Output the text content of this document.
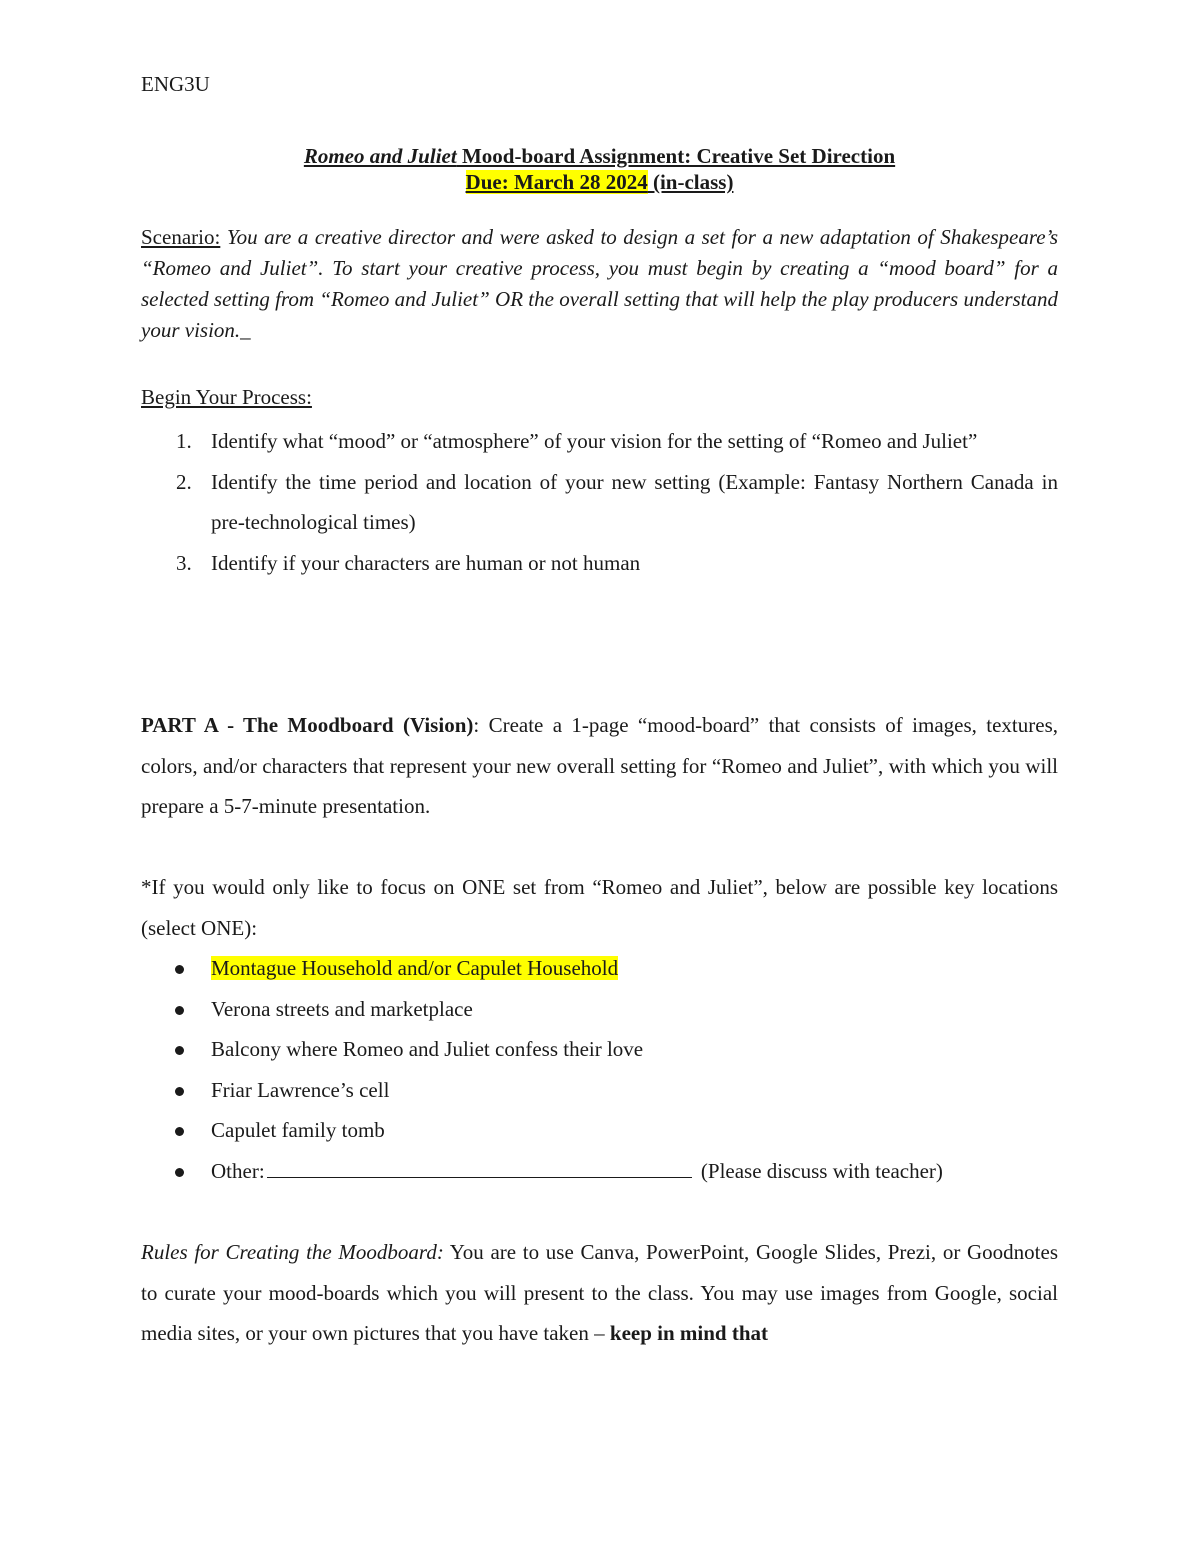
ENG3U
Romeo and Juliet Mood-board Assignment: Creative Set Direction
Due: March 28 2024 (in-class)
Scenario: You are a creative director and were asked to design a set for a new adaptation of Shakespeare’s “Romeo and Juliet”. To start your creative process, you must begin by creating a “mood board” for a selected setting from “Romeo and Juliet” OR the overall setting that will help the play producers understand your vision._
Begin Your Process:
1. Identify what “mood” or “atmosphere” of your vision for the setting of “Romeo and Juliet”
2. Identify the time period and location of your new setting (Example: Fantasy Northern Canada in pre-technological times)
3. Identify if your characters are human or not human
PART A - The Moodboard (Vision): Create a 1-page “mood-board” that consists of images, textures, colors, and/or characters that represent your new overall setting for “Romeo and Juliet”, with which you will prepare a 5-7-minute presentation.
*If you would only like to focus on ONE set from “Romeo and Juliet”, below are possible key locations (select ONE):
Montague Household and/or Capulet Household
Verona streets and marketplace
Balcony where Romeo and Juliet confess their love
Friar Lawrence’s cell
Capulet family tomb
Other:	(Please discuss with teacher)
Rules for Creating the Moodboard: You are to use Canva, PowerPoint, Google Slides, Prezi, or Goodnotes to curate your mood-boards which you will present to the class. You may use images from Google, social media sites, or your own pictures that you have taken – keep in mind that
